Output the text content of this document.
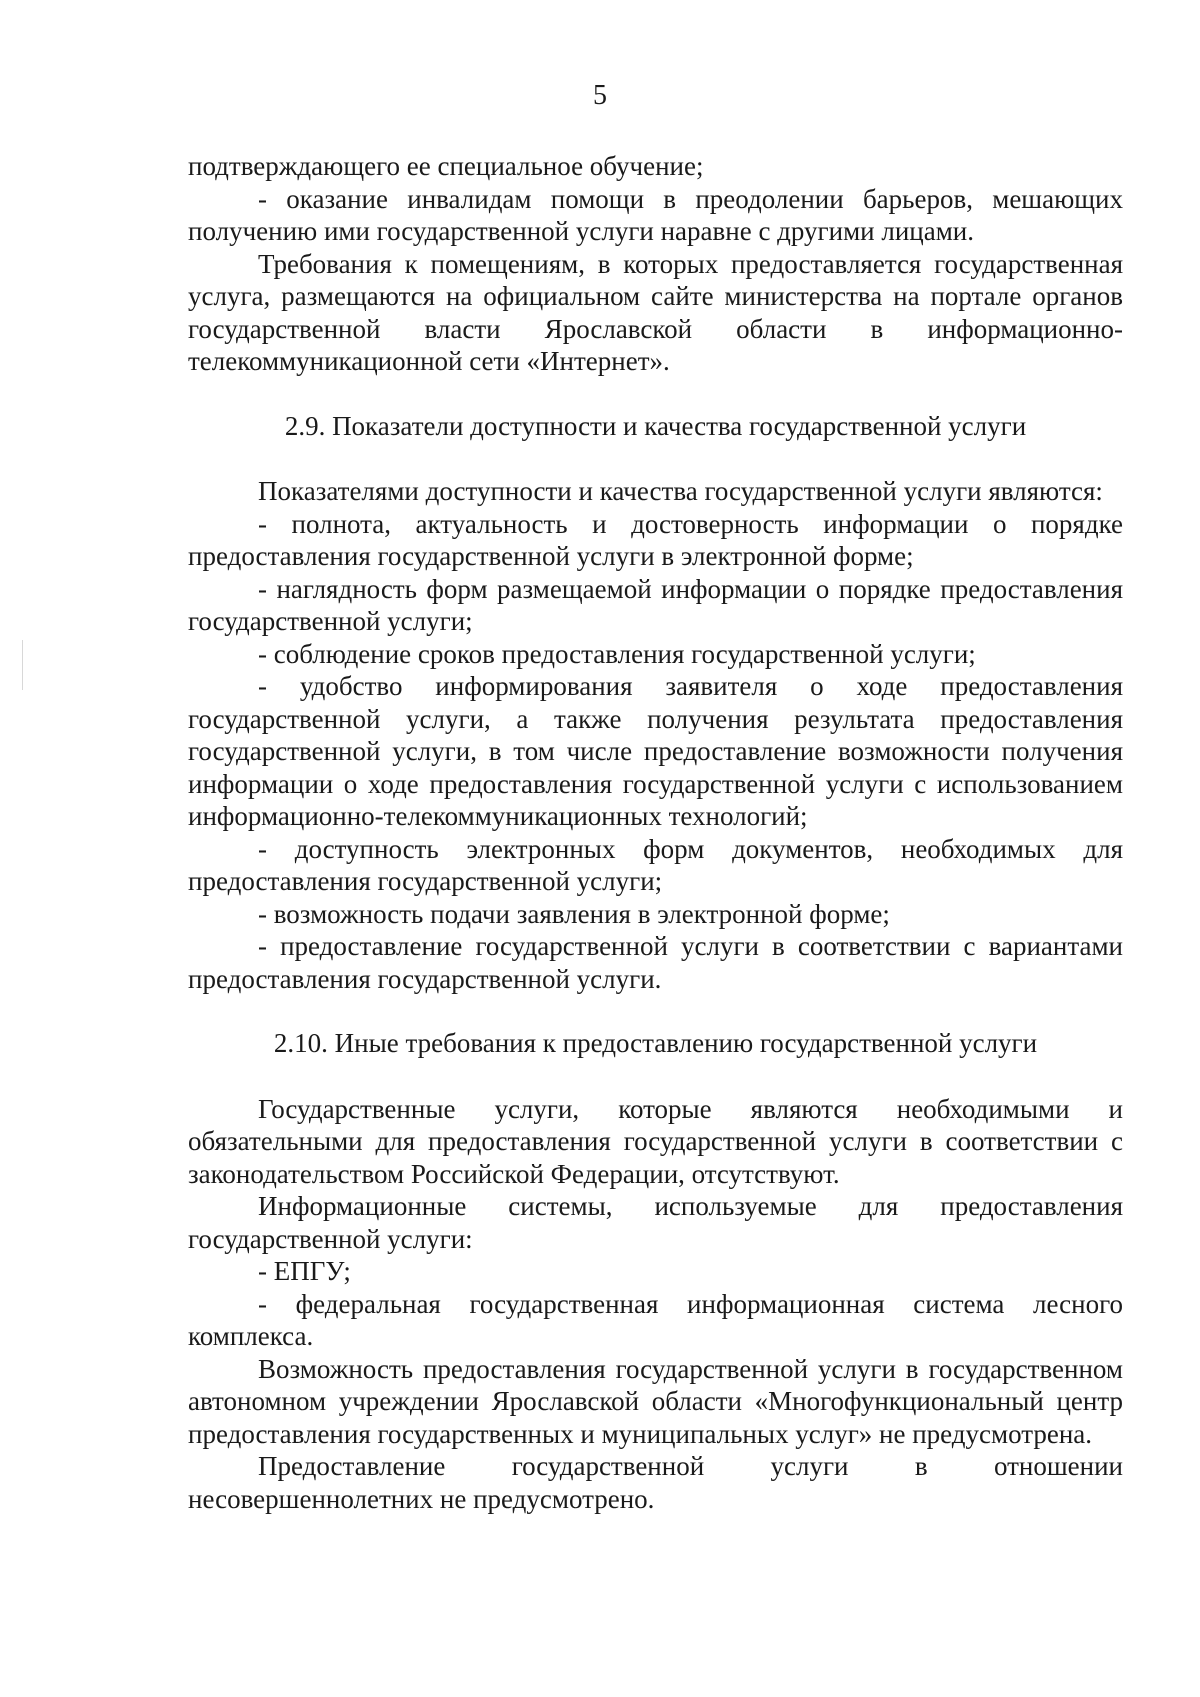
5

подтверждающего ее специальное обучение;

- оказание инвалидам помощи в преодолении барьеров, мешающих получению ими государственной услуги наравне с другими лицами.

Требования к помещениям, в которых предоставляется государственная услуга, размещаются на официальном сайте министерства на портале органов государственной власти Ярославской области в информационно-телекоммуникационной сети «Интернет».

2.9. Показатели доступности и качества государственной услуги

Показателями доступности и качества государственной услуги являются:

- полнота, актуальность и достоверность информации о порядке предоставления государственной услуги в электронной форме;

- наглядность форм размещаемой информации о порядке предоставления государственной услуги;

- соблюдение сроков предоставления государственной услуги;

- удобство информирования заявителя о ходе предоставления государственной услуги, а также получения результата предоставления государственной услуги, в том числе предоставление возможности получения информации о ходе предоставления государственной услуги с использованием информационно-телекоммуникационных технологий;

- доступность электронных форм документов, необходимых для предоставления государственной услуги;

- возможность подачи заявления в электронной форме;

- предоставление государственной услуги в соответствии с вариантами предоставления государственной услуги.

2.10. Иные требования к предоставлению государственной услуги

Государственные услуги, которые являются необходимыми и обязательными для предоставления государственной услуги в соответствии с законодательством Российской Федерации, отсутствуют.

Информационные системы, используемые для предоставления государственной услуги:

- ЕПГУ;

- федеральная государственная информационная система лесного комплекса.

Возможность предоставления государственной услуги в государственном автономном учреждении Ярославской области «Многофункциональный центр предоставления государственных и муниципальных услуг» не предусмотрена.

Предоставление государственной услуги в отношении несовершеннолетних не предусмотрено.
